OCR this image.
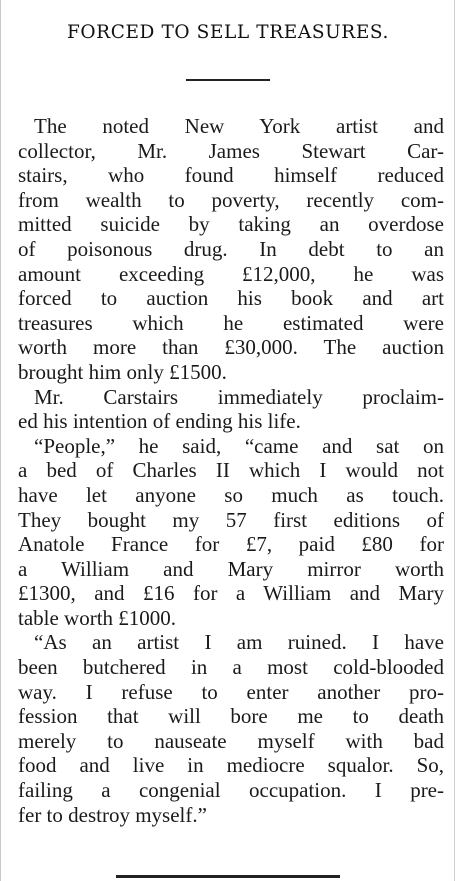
FORCED TO SELL TREASURES.
The noted New York artist and
collector, Mr. James Stewart Car-
stairs, who found himself reduced
from wealth to poverty, recently com-
mitted suicide by taking an overdose
of poisonous drug. In debt to an
amount exceeding £12,000, he was
forced to auction his book and art
treasures which he estimated were
worth more than £30,000. The auction
brought him only £1500.
Mr. Carstairs immediately proclaim-
ed his intention of ending his life.
“People,” he said, “came and sat on
a bed of Charles II which I would not
have let anyone so much as touch.
They bought my 57 first editions of
Anatole France for £7, paid £80 for
a William and Mary mirror worth
£1300, and £16 for a William and Mary
table worth £1000.
“As an artist I am ruined. I have
been butchered in a most cold-blooded
way. I refuse to enter another pro-
fession that will bore me to death
merely to nauseate myself with bad
food and live in mediocre squalor. So,
failing a congenial occupation. I pre-
fer to destroy myself.”
